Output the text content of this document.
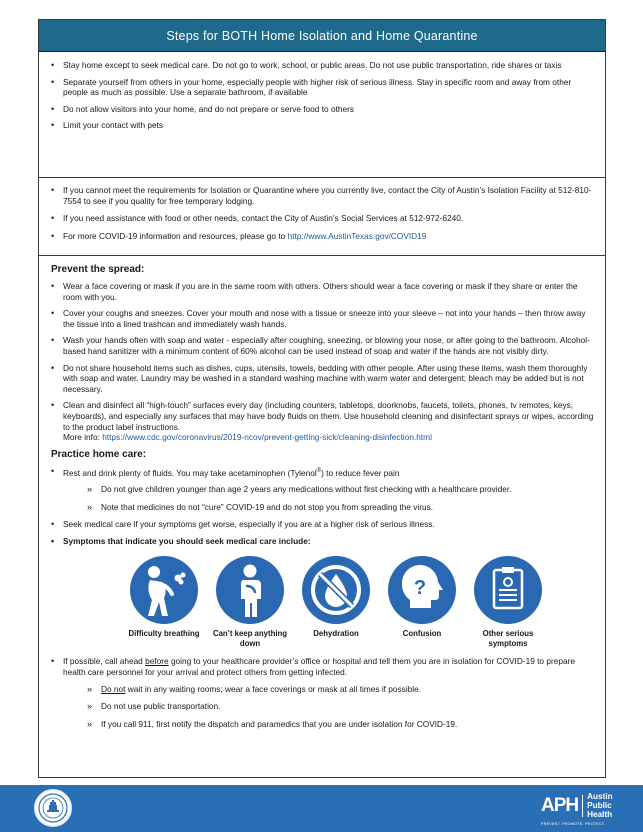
Steps for BOTH Home Isolation and Home Quarantine
• Stay home except to seek medical care. Do not go to work, school, or public areas. Do not use public transportation, ride shares or taxis
• Separate yourself from others in your home, especially people with higher risk of serious illness. Stay in specific room and away from other people as much as possible. Use a separate bathroom, if available
• Do not allow visitors into your home, and do not prepare or serve food to others
• Limit your contact with pets
• If you cannot meet the requirements for Isolation or Quarantine where you currently live, contact the City of Austin’s Isolation Facility at 512-810-7554 to see if you quality for free temporary lodging.
• If you need assistance with food or other needs, contact the City of Austin’s Social Services at 512-972-6240.
• For more COVID-19 information and resources, please go to http://www.AustinTexas.gov/COVID19
Prevent the spread:
• Wear a face covering or mask if you are in the same room with others. Others should wear a face covering or mask if they share or enter the room with you.
• Cover your coughs and sneezes. Cover your mouth and nose with a tissue or sneeze into your sleeve – not into your hands – then throw away the tissue into a lined trashcan and immediately wash hands.
• Wash your hands often with soap and water - especially after coughing, sneezing, or blowing your nose, or after going to the bathroom. Alcohol-based hand sanitizer with a minimum content of 60% alcohol can be used instead of soap and water if the hands are not visibly dirty.
• Do not share household items such as dishes, cups, utensils, towels, bedding with other people. After using these items, wash them thoroughly with soap and water. Laundry may be washed in a standard washing machine with warm water and detergent; bleach may be added but is not necessary.
• Clean and disinfect all “high-touch” surfaces every day (including counters, tabletops, doorknobs, faucets, toilets, phones, tv remotes, keys, keyboards), and especially any surfaces that may have body fluids on them. Use household cleaning and disinfectant sprays or wipes, according to the product label instructions.
More info: https://www.cdc.gov/coronavirus/2019-ncov/prevent-getting-sick/cleaning-disinfection.html
Practice home care:
• Rest and drink plenty of fluids. You may take acetaminophen (Tylenol®) to reduce fever pain
» Do not give children younger than age 2 years any medications without first checking with a healthcare provider.
» Note that medicines do not “cure” COVID-19 and do not stop you from spreading the virus.
• Seek medical care if your symptoms get worse, especially if you are at a higher risk of serious illness.
• Symptoms that indicate you should seek medical care include:
Difficulty breathing	Can’t keep anything down
Dehydration
?
Confusion	Other serious symptoms
• If possible, call ahead before going to your healthcare provider’s office or hospital and tell them you are in isolation for COVID-19 to prepare health care personnel for your arrival and protect others from getting infected.
» Do not wait in any waiting rooms; wear a face coverings or mask at all times if possible.
» Do not use public transportation.
» If you call 911, first notify the dispatch and paramedics that you are under isolation for COVID-19.
APH	Austin
Public
Health
PREVENT. PROMOTE. PROTECT.
